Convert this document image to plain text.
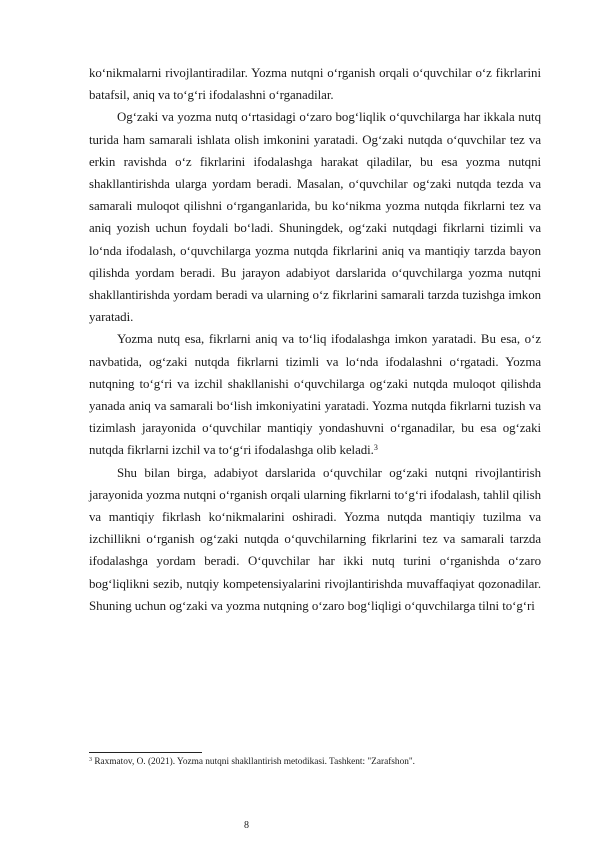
ko‘nikmalarni rivojlantiradilar. Yozma nutqni o‘rganish orqali o‘quvchilar o‘z fikrlarini batafsil, aniq va to‘g‘ri ifodalashni o‘rganadilar.

Og‘zaki va yozma nutq o‘rtasidagi o‘zaro bog‘liqlik o‘quvchilarga har ikkala nutq turida ham samarali ishlata olish imkonini yaratadi. Og‘zaki nutqda o‘quvchilar tez va erkin ravishda o‘z fikrlarini ifodalashga harakat qiladilar, bu esa yozma nutqni shakllantirishda ularga yordam beradi. Masalan, o‘quvchilar og‘zaki nutqda tezda va samarali muloqot qilishni o‘rganganlarida, bu ko‘nikma yozma nutqda fikrlarni tez va aniq yozish uchun foydali bo‘ladi. Shuningdek, og‘zaki nutqdagi fikrlarni tizimli va lo‘nda ifodalash, o‘quvchilarga yozma nutqda fikrlarini aniq va mantiqiy tarzda bayon qilishda yordam beradi. Bu jarayon adabiyot darslarida o‘quvchilarga yozma nutqni shakllantirishda yordam beradi va ularning o‘z fikrlarini samarali tarzda tuzishga imkon yaratadi.

Yozma nutq esa, fikrlarni aniq va to‘liq ifodalashga imkon yaratadi. Bu esa, o‘z navbatida, og‘zaki nutqda fikrlarni tizimli va lo‘nda ifodalashni o‘rgatadi. Yozma nutqning to‘g‘ri va izchil shakllanishi o‘quvchilarga og‘zaki nutqda muloqot qilishda yanada aniq va samarali bo‘lish imkoniyatini yaratadi. Yozma nutqda fikrlarni tuzish va tizimlash jarayonida o‘quvchilar mantiqiy yondashuvni o‘rganadilar, bu esa og‘zaki nutqda fikrlarni izchil va to‘g‘ri ifodalashga olib keladi.$^3$

Shu bilan birga, adabiyot darslarida o‘quvchilar og‘zaki nutqni rivojlantirish jarayonida yozma nutqni o‘rganish orqali ularning fikrlarni to‘g‘ri ifodalash, tahlil qilish va mantiqiy fikrlash ko‘nikmalarini oshiradi. Yozma nutqda mantiqiy tuzilma va izchillikni o‘rganish og‘zaki nutqda o‘quvchilarning fikrlarini tez va samarali tarzda ifodalashga yordam beradi. O‘quvchilar har ikki nutq turini o‘rganishda o‘zaro bog‘liqlikni sezib, nutqiy kompetensiyalarini rivojlantirishda muvaffaqiyat qozonadilar. Shuning uchun og‘zaki va yozma nutqning o‘zaro bog‘liqligi o‘quvchilarga tilni to‘g‘ri

$^3$ Raxmatov, O. (2021). Yozma nutqni shakllantirish metodikasi. Tashkent: "Zarafshon".
8
